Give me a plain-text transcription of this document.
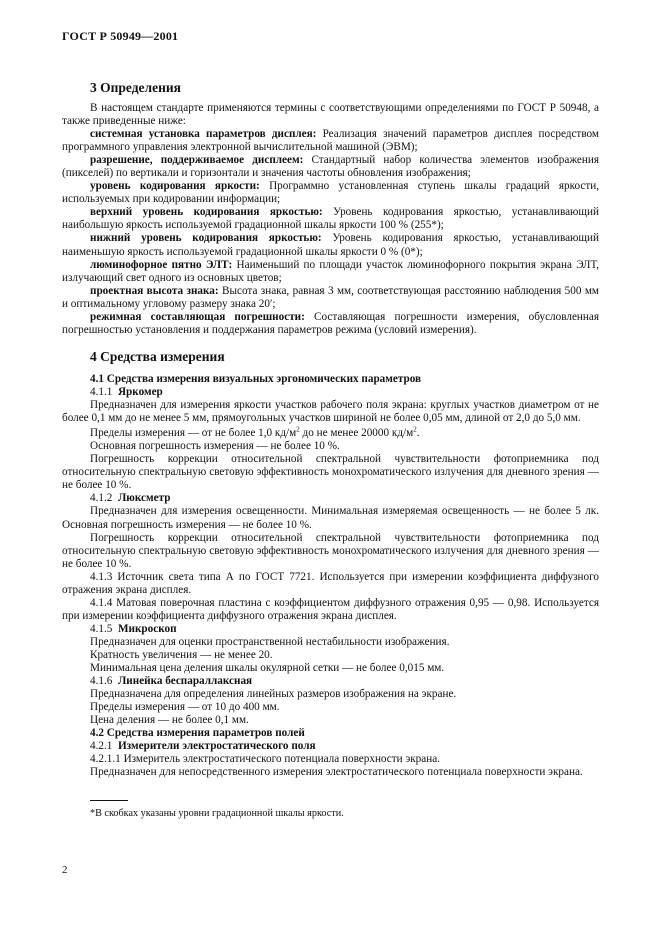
ГОСТ Р 50949—2001
3 Определения

В настоящем стандарте применяются термины с соответствующими определениями по ГОСТ Р 50948, а также приведенные ниже:

системная установка параметров дисплея: Реализация значений параметров дисплея посредством программного управления электронной вычислительной машиной (ЭВМ);

разрешение, поддерживаемое дисплеем: Стандартный набор количества элементов изображения (пикселей) по вертикали и горизонтали и значения частоты обновления изображения;

уровень кодирования яркости: Программно установленная ступень шкалы градаций яркости, используемых при кодировании информации;

верхний уровень кодирования яркостью: Уровень кодирования яркостью, устанавливающий наибольшую яркость используемой градационной шкалы яркости 100 % (255*);

нижний уровень кодирования яркостью: Уровень кодирования яркостью, устанавливающий наименьшую яркость используемой градационной шкалы яркости 0 % (0*);

люминофорное пятно ЭЛТ: Наименьший по площади участок люминофорного покрытия экрана ЭЛТ, излучающий свет одного из основных цветов;

проектная высота знака: Высота знака, равная 3 мм, соответствующая расстоянию наблюдения 500 мм и оптимальному угловому размеру знака 20′;

режимная составляющая погрешности: Составляющая погрешности измерения, обусловленная погрешностью установления и поддержания параметров режима (условий измерения).

4 Средства измерения

4.1 Средства измерения визуальных эргономических параметров

4.1.1 Яркомер

Предназначен для измерения яркости участков рабочего поля экрана: круглых участков диаметром от не более 0,1 мм до не менее 5 мм, прямоугольных участков шириной не более 0,05 мм, длиной от 2,0 до 5,0 мм.

Пределы измерения — от не более 1,0 $кд/м^2$ до не менее 20000 $кд/м^2$.

Основная погрешность измерения — не более 10 %.

Погрешность коррекции относительной спектральной чувствительности фотоприемника под относительную спектральную световую эффективность монохроматического излучения для дневного зрения — не более 10 %.

4.1.2 Люксметр

Предназначен для измерения освещенности. Минимальная измеряемая освещенность — не более 5 лк. Основная погрешность измерения — не более 10 %.

Погрешность коррекции относительной спектральной чувствительности фотоприемника под относительную спектральную световую эффективность монохроматического излучения для дневного зрения — не более 10 %.

4.1.3 Источник света типа А по ГОСТ 7721. Используется при измерении коэффициента диффузного отражения экрана дисплея.

4.1.4 Матовая поверочная пластина с коэффициентом диффузного отражения 0,95 — 0,98. Используется при измерении коэффициента диффузного отражения экрана дисплея.

4.1.5 Микроскоп

Предназначен для оценки пространственной нестабильности изображения.

Кратность увеличения — не менее 20.

Минимальная цена деления шкалы окулярной сетки — не более 0,015 мм.

4.1.6 Линейка беспараллаксная

Предназначена для определения линейных размеров изображения на экране.

Пределы измерения — от 10 до 400 мм.

Цена деления — не более 0,1 мм.

4.2 Средства измерения параметров полей

4.2.1 Измерители электростатического поля

4.2.1.1 Измеритель электростатического потенциала поверхности экрана.

Предназначен для непосредственного измерения электростатического потенциала поверхности экрана.

*В скобках указаны уровни градационной шкалы яркости.
2
